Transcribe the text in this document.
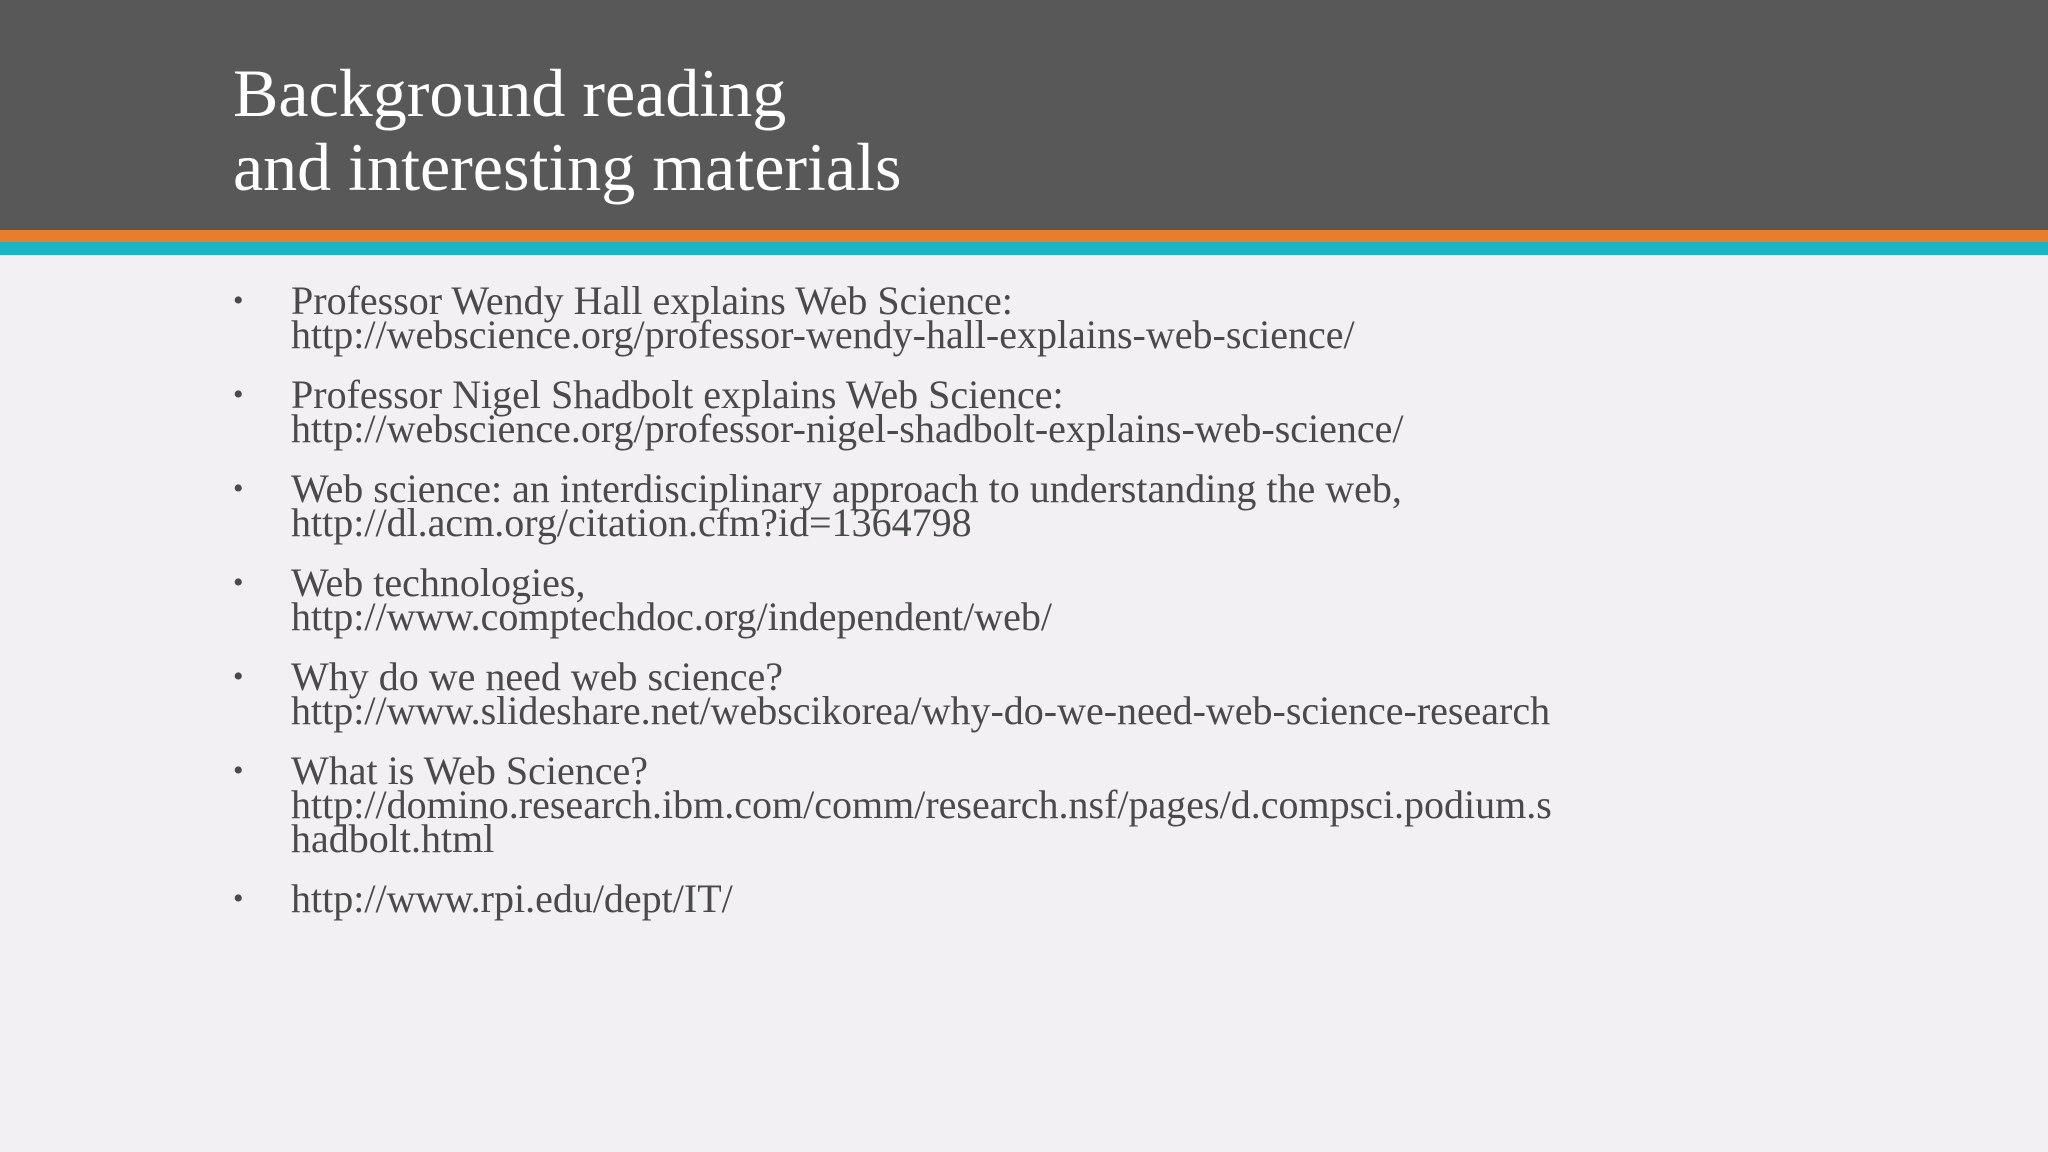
Background reading
and interesting materials
• Professor Wendy Hall explains Web Science:
http://webscience.org/professor-wendy-hall-explains-web-science/
• Professor Nigel Shadbolt explains Web Science:
http://webscience.org/professor-nigel-shadbolt-explains-web-science/
• Web science: an interdisciplinary approach to understanding the web,
http://dl.acm.org/citation.cfm?id=1364798
• Web technologies,
http://www.comptechdoc.org/independent/web/
• Why do we need web science?
http://www.slideshare.net/webscikorea/why-do-we-need-web-science-research
• What is Web Science?
http://domino.research.ibm.com/comm/research.nsf/pages/d.compsci.podium.shadbolt.html
• http://www.rpi.edu/dept/IT/
